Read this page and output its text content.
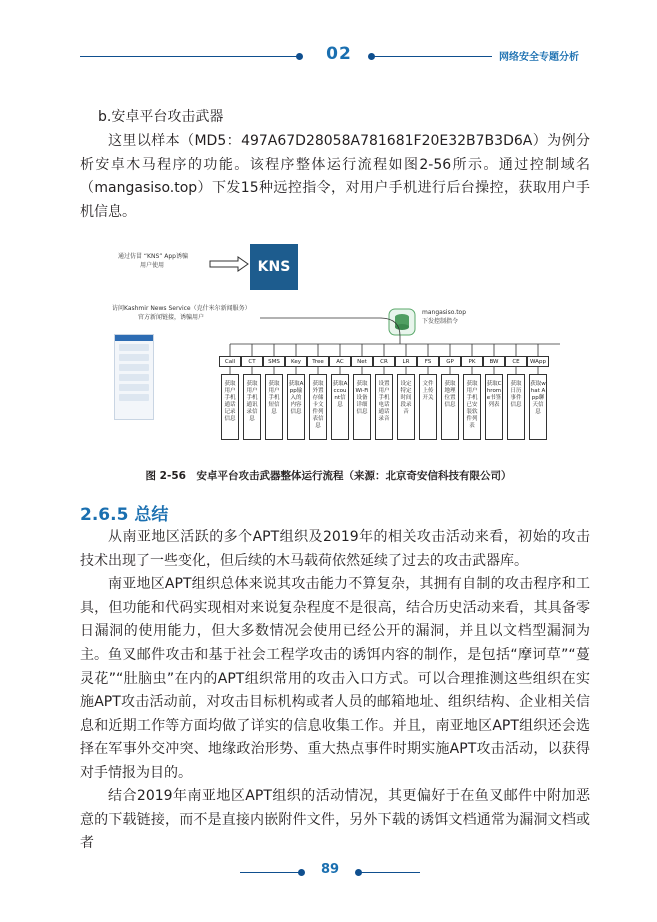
02	网络安全专题分析
b.安卓平台攻击武器
这里以样本（MD5：497A67D28058A781681F20E32B7B3D6A）为例分析安卓木马程序的功能。该程序整体运行流程如图2-56所示。通过控制域名（mangasiso.top）下发15种远控指令，对用户手机进行后台操控，获取用户手机信息。
通过仿冒 “KNS” App诱骗
用户使用	KNS
访问Kashmir News Service（克什米尔新闻服务）
官方新闻链接，诱骗用户
mangasiso.top
下发控制指令
Call	CT	SMS	Key	Tree	AC	Net	CR	LR	FS	GP	PK	BW	CE	WApp
获取用户手机通话记录信息
获取用户手机通讯录信息
获取用户手机短信息
获取App输入的内容信息
获取外置存储卡文件列表信息
获取Account信息
获取Wi-Fi设备详细信息
设置用户手机电话通话录音
设定特定时间段录音
文件上传开关
获取地理位置信息
获取用户手机已安装软件列表
获取Chrome书签列表
获取日历事件信息
获取what App聊天信息
图 2-56　安卓平台攻击武器整体运行流程（来源：北京奇安信科技有限公司）
2.6.5 总结
从南亚地区活跃的多个APT组织及2019年的相关攻击活动来看，初始的攻击技术出现了一些变化，但后续的木马载荷依然延续了过去的攻击武器库。
南亚地区APT组织总体来说其攻击能力不算复杂，其拥有自制的攻击程序和工具，但功能和代码实现相对来说复杂程度不是很高，结合历史活动来看，其具备零日漏洞的使用能力，但大多数情况会使用已经公开的漏洞，并且以文档型漏洞为主。 鱼叉邮件攻击和基于社会工程学攻击的诱饵内容的制作，是包括“摩诃草”“蔓灵花”“肚脑虫”在内的APT组织常用的攻击入口方式。可以合理推测这些组织在实施APT攻击活动前，对攻击目标机构或者人员的邮箱地址、组织结构、企业相关信息和近期工作等方面均做了详实的信息收集工作。并且，南亚地区APT组织还会选择在军事外交冲突、地缘政治形势、重大热点事件时期实施APT攻击活动，以获得对手情报为目的。
结合2019年南亚地区APT组织的活动情况，其更偏好于在鱼叉邮件中附加恶意的下载链接，而不是直接内嵌附件文件，另外下载的诱饵文档通常为漏洞文档或者
89
